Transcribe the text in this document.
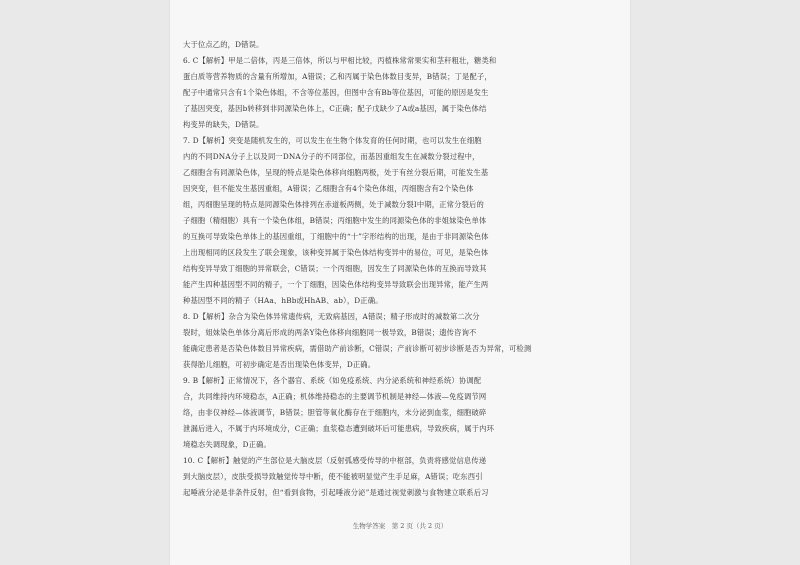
大于位点乙的，D错误。
6. C【解析】甲是二倍体，丙是三倍体，所以与甲相比较，丙植株常常果实和茎秆粗壮，糖类和
蛋白质等营养物质的含量有所增加，A错误；乙和丙属于染色体数目变异，B错误；丁是配子，
配子中通常只含有1个染色体组，不含等位基因，但图中含有Bb等位基因，可能的原因是发生
了基因突变，基因b转移到非同源染色体上，C正确；配子戊缺少了A或a基因，属于染色体结
构变异的缺失，D错误。
7. D【解析】突变是随机发生的，可以发生在生物个体发育的任何时期，也可以发生在细胞
内的不同DNA分子上以及同一DNA分子的不同部位，而基因重组发生在减数分裂过程中，
乙细胞含有同源染色体，呈现的特点是染色体移向细胞两极，处于有丝分裂后期，可能发生基
因突变，但不能发生基因重组，A错误；乙细胞含有4个染色体组，丙细胞含有2个染色体
组，丙细胞呈现的特点是同源染色体排列在赤道板两侧，处于减数分裂Ⅰ中期，正常分裂后的
子细胞（精细胞）具有一个染色体组，B错误；丙细胞中发生的同源染色体的非姐妹染色单体
的互换可导致染色单体上的基因重组，丁细胞中的“十”字形结构的出现，是由于非同源染色体
上出现相同的区段发生了联会现象，该种变异属于染色体结构变异中的易位，可见，是染色体
结构变异导致丁细胞的异常联会，C错误；一个丙细胞，因发生了同源染色体的互换而导致其
能产生四种基因型不同的精子，一个丁细胞，因染色体结构变异导致联会出现异常，能产生两
种基因型不同的精子（HAa、hBb或HhAB、ab），D正确。
8. D【解析】杂合为染色体异常遗传病，无致病基因，A错误；精子形成时的减数第二次分
裂时，姐妹染色单体分离后形成的两条Y染色体移向细胞同一极导致，B错误；遗传咨询不
能确定患者是否染色体数目异常疾病，需借助产前诊断，C错误；产前诊断可初步诊断是否为异常，可检测
获得胎儿细胞，可初步确定是否出现染色体变异，D正确。
9. B【解析】正常情况下，各个器官、系统（如免疫系统、内分泌系统和神经系统）协调配
合，共同维持内环境稳态，A正确；机体维持稳态的主要调节机制是神经—体液—免疫调节网
络，由非仅神经—体液调节，B错误；胆管等氧化酶存在于细胞内，未分泌到血浆，细胞破碎
泄漏后进入，不属于内环境成分，C正确；血浆稳态遭到破坏后可能患病，导致疾病，属于内环
境稳态失调现象，D正确。
10. C【解析】触觉的产生部位是大脑皮层（反射弧感受传导的中枢部，负责将感觉信息传递
到大脑皮层），皮肤受损导致触觉传导中断，使不能被明显觉产生手足麻，A错误；吃东西引
起唾液分泌是非条件反射，但“看到食物，引起唾液分泌”是通过视觉刺激与食物建立联系后习
生物学答案　第 2 页（共 2 页）
